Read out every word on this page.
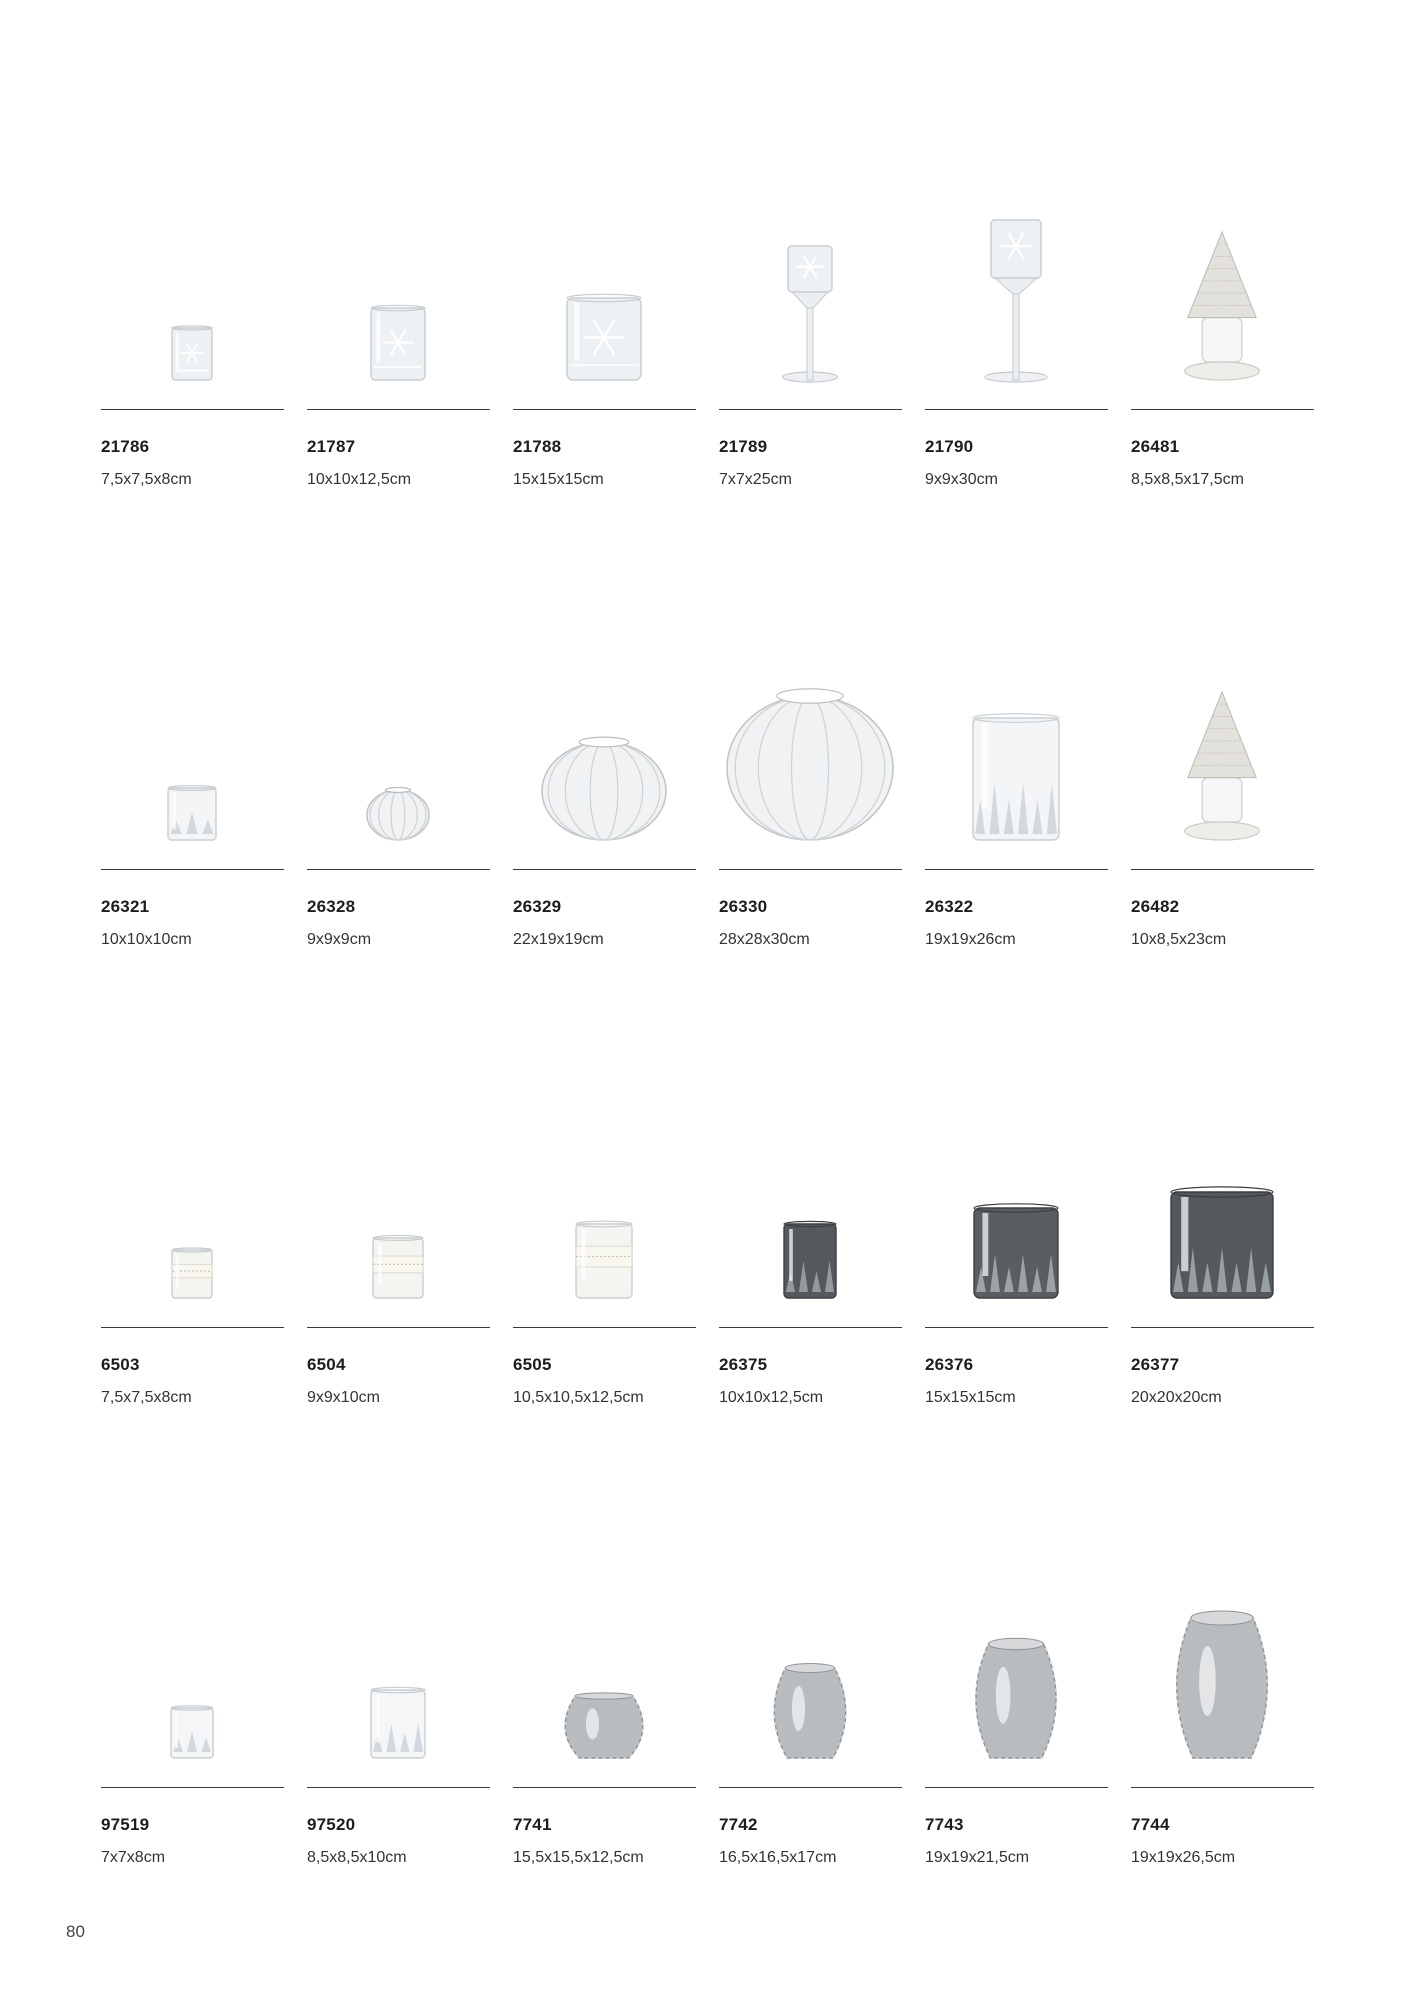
21786
7,5x7,5x8cm
21787
10x10x12,5cm
21788
15x15x15cm
21789
7x7x25cm
21790
9x9x30cm
26481
8,5x8,5x17,5cm
26321
10x10x10cm
26328
9x9x9cm
26329
22x19x19cm
26330
28x28x30cm
26322
19x19x26cm
26482
10x8,5x23cm
6503
7,5x7,5x8cm
6504
9x9x10cm
6505
10,5x10,5x12,5cm
26375
10x10x12,5cm
26376
15x15x15cm
26377
20x20x20cm
97519
7x7x8cm
97520
8,5x8,5x10cm
7741
15,5x15,5x12,5cm
7742
16,5x16,5x17cm
7743
19x19x21,5cm
7744
19x19x26,5cm
80
